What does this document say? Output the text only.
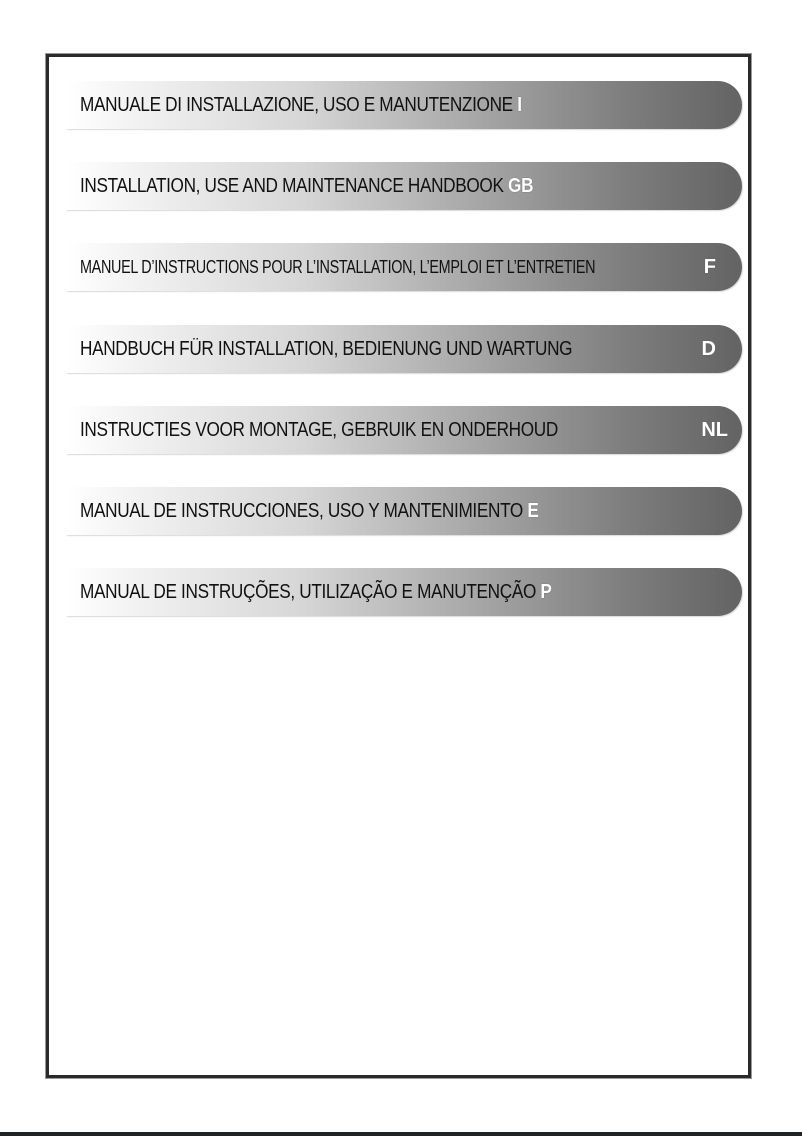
MANUALE DI INSTALLAZIONE, USO E MANUTENZIONE I
INSTALLATION, USE AND MAINTENANCE HANDBOOK GB
MANUEL D’INSTRUCTIONS POUR L’INSTALLATION, L’EMPLOI ET L’ENTRETIEN	F
HANDBUCH FÜR INSTALLATION, BEDIENUNG UND WARTUNG	D
INSTRUCTIES VOOR MONTAGE, GEBRUIK EN ONDERHOUD	NL
MANUAL DE INSTRUCCIONES, USO Y MANTENIMIENTO E
MANUAL DE INSTRUÇÕES, UTILIZAÇÃO E MANUTENÇÃO P
